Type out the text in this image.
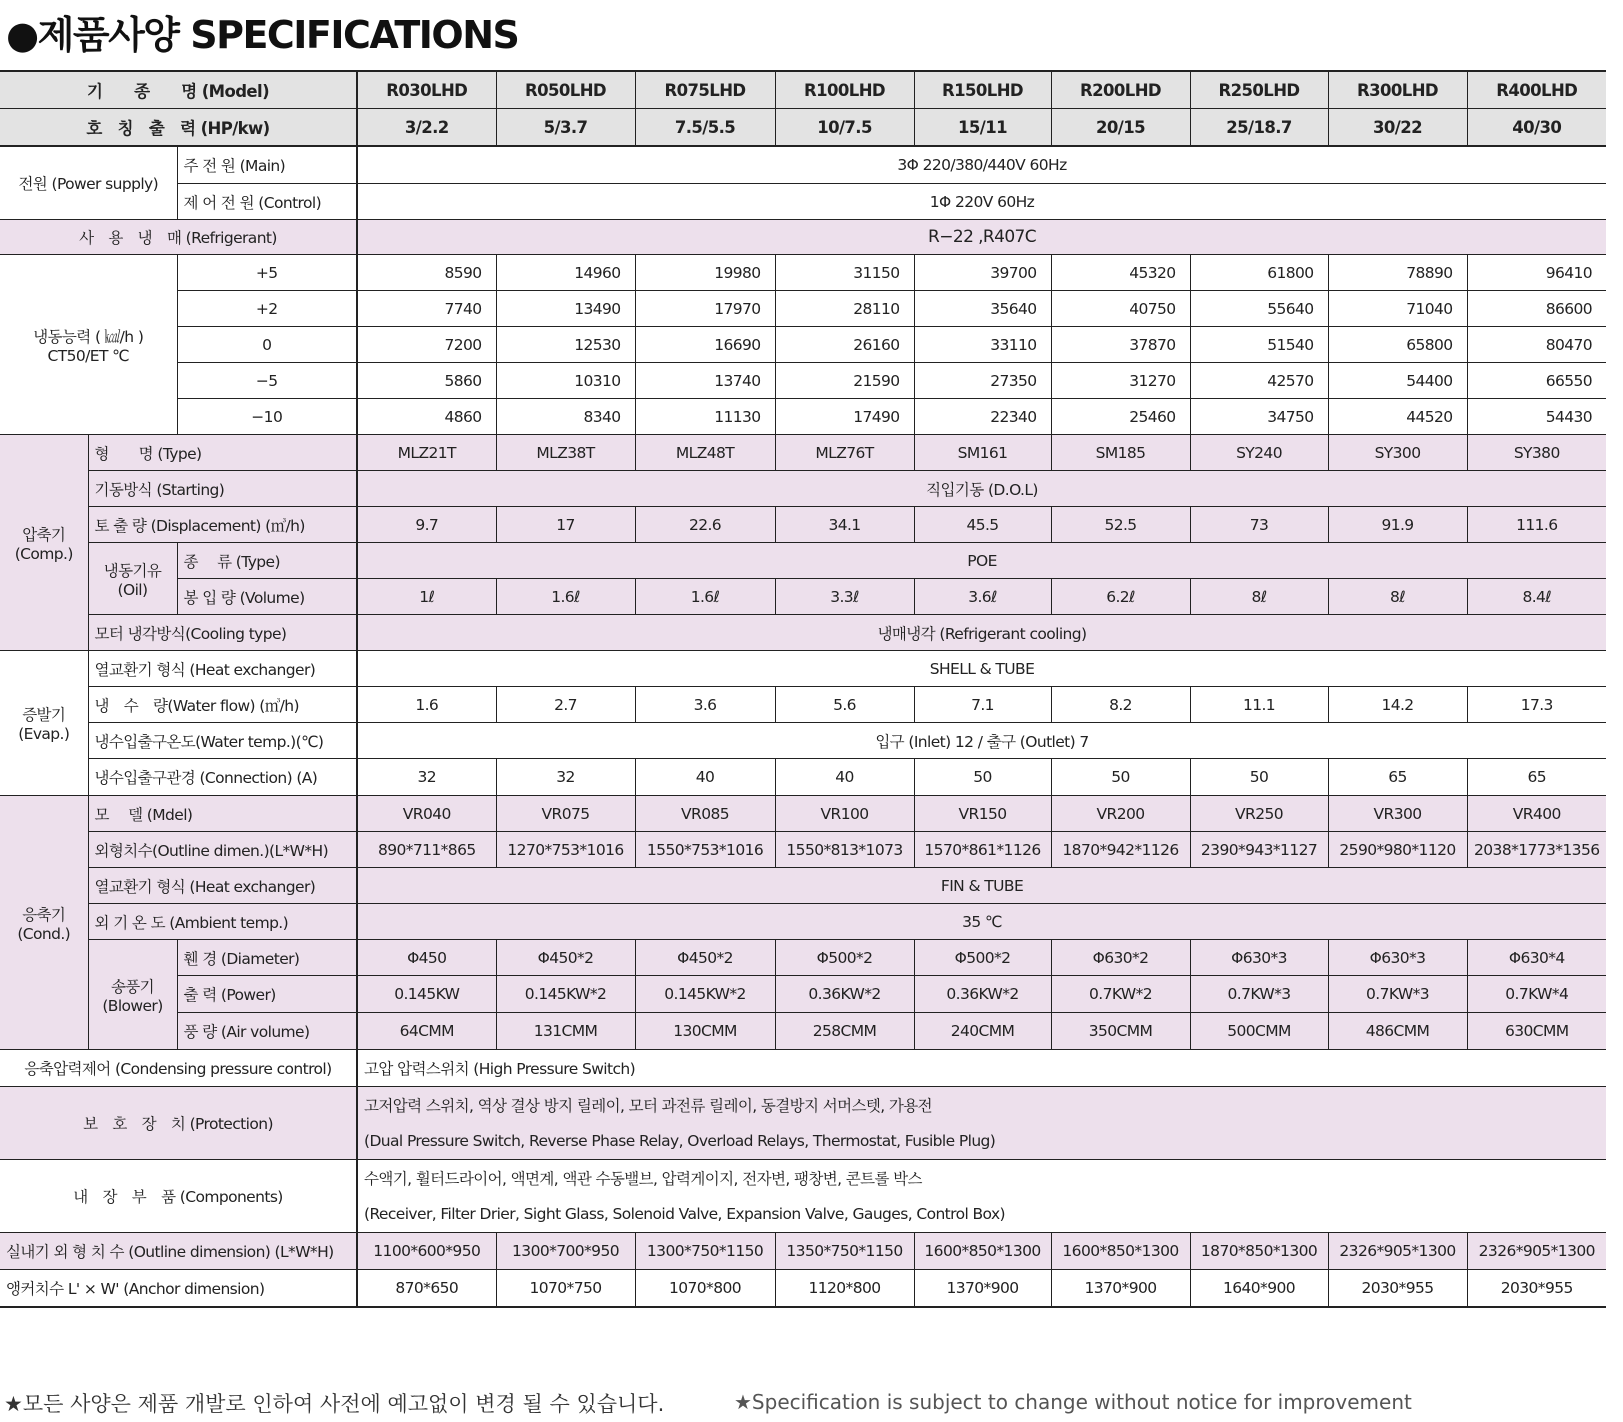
●제품사양 SPECIFICATIONS
기　　종　　명 (Model)			R030LHD	R050LHD	R075LHD	R100LHD	R150LHD	R200LHD	R250LHD	R300LHD	R400LHD
호　칭　출　력 (HP/kw)			3/2.2	5/3.7	7.5/5.5	10/7.5	15/11	20/15	25/18.7	30/22	40/30
전원 (Power supply)		주 전 원 (Main)	3Φ 220/380/440V 60Hz								
		제 어 전 원 (Control)	1Φ 220V 60Hz								
사　용　냉　매 (Refrigerant)			R−22 ,R407C								

냉동능력 ( ㎉/h )
CT50/ET ℃		+5	8590	14960	19980	31150	39700	45320	61800	78890	96410
		+2	7740	13490	17970	28110	35640	40750	55640	71040	86600
		0	7200	12530	16690	26160	33110	37870	51540	65800	80470
		−5	5860	10310	13740	21590	27350	31270	42570	54400	66550
		−10	4860	8340	11130	17490	22340	25460	34750	44520	54430

압축기
(Comp.)	형　　명 (Type)		MLZ21T	MLZ38T	MLZ48T	MLZ76T	SM161	SM185	SY240	SY300	SY380
	기동방식 (Starting)		직입기동 (D.O.L)								
	토 출 량 (Displacement) (㎥/h)		9.7	17	22.6	34.1	45.5	52.5	73	91.9	111.6

	냉동기유
(Oil)	종　 류 (Type)	POE								
		봉 입 량 (Volume)	1ℓ	1.6ℓ	1.6ℓ	3.3ℓ	3.6ℓ	6.2ℓ	8ℓ	8ℓ	8.4ℓ
	모터 냉각방식(Cooling type)		냉매냉각 (Refrigerant cooling)								

증발기
(Evap.)	열교환기 형식 (Heat exchanger)		SHELL & TUBE								
	냉　수　량(Water flow) (㎥/h)		1.6	2.7	3.6	5.6	7.1	8.2	11.1	14.2	17.3
	냉수입출구온도(Water temp.)(℃)		입구 (Inlet) 12 / 출구 (Outlet) 7								
	냉수입출구관경 (Connection) (A)		32	32	40	40	50	50	50	65	65

응축기
(Cond.)	모　 델 (Mdel)		VR040	VR075	VR085	VR100	VR150	VR200	VR250	VR300	VR400
	외형치수(Outline dimen.)(L*W*H)		890*711*865	1270*753*1016	1550*753*1016	1550*813*1073	1570*861*1126	1870*942*1126	2390*943*1127	2590*980*1120	2038*1773*1356
	열교환기 형식 (Heat exchanger)		FIN & TUBE								
	외 기 온 도 (Ambient temp.)		35 ℃								

	송풍기
(Blower)	휀 경 (Diameter)	Φ450	Φ450*2	Φ450*2	Φ500*2	Φ500*2	Φ630*2	Φ630*3	Φ630*3	Φ630*4
		출 력 (Power)	0.145KW	0.145KW*2	0.145KW*2	0.36KW*2	0.36KW*2	0.7KW*2	0.7KW*3	0.7KW*3	0.7KW*4
		풍 량 (Air volume)	64CMM	131CMM	130CMM	258CMM	240CMM	350CMM	500CMM	486CMM	630CMM
응축압력제어 (Condensing pressure control)			고압 압력스위치 (High Pressure Switch)								
보　호　장　치 (Protection)			고저압력 스위치, 역상 결상 방지 릴레이, 모터 과전류 릴레이, 동결방지 서머스텟, 가용전								
			(Dual Pressure Switch, Reverse Phase Relay, Overload Relays, Thermostat, Fusible Plug)								
내　장　부　품 (Components)			수액기, 휠터드라이어, 액면계, 액관 수동밸브, 압력게이지, 전자변, 팽창변, 콘트롤 박스								
			(Receiver, Filter Drier, Sight Glass, Solenoid Valve, Expansion Valve, Gauges, Control Box)								
실내기 외 형 치 수 (Outline dimension) (L*W*H)			1100*600*950	1300*700*950	1300*750*1150	1350*750*1150	1600*850*1300	1600*850*1300	1870*850*1300	2326*905*1300	2326*905*1300
앵커치수 L' × W' (Anchor dimension)			870*650	1070*750	1070*800	1120*800	1370*900	1370*900	1640*900	2030*955	2030*955
★모든 사양은 제품 개발로 인하여 사전에 예고없이 변경 될 수 있습니다.	★Specification is subject to change without notice for improvement
